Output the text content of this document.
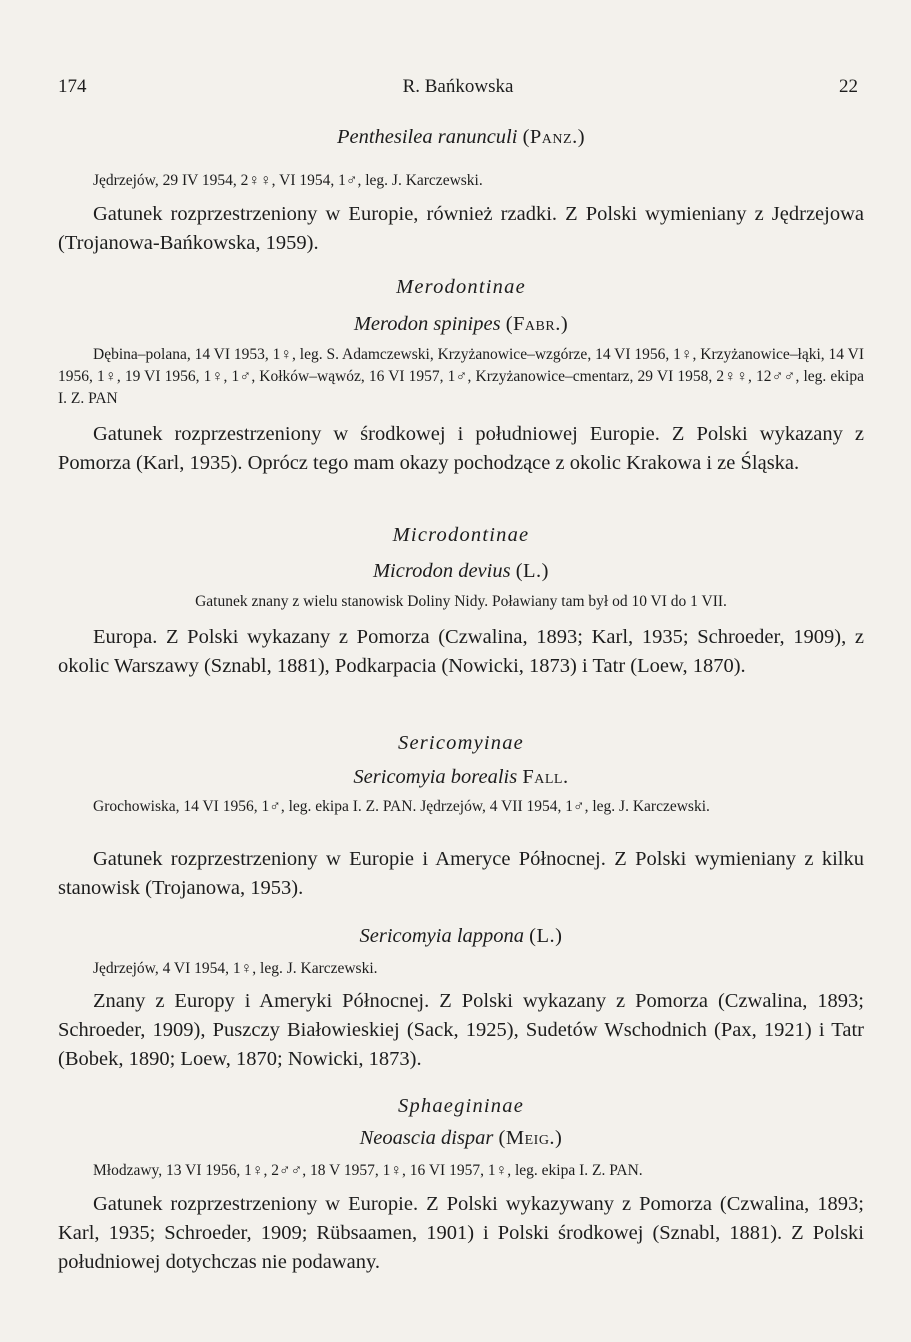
174	R. Bańkowska	22
Penthesilea ranunculi (Panz.)
Jędrzejów, 29 IV 1954, 2♀♀, VI 1954, 1♂, leg. J. Karczewski.
Gatunek rozprzestrzeniony w Europie, również rzadki. Z Polski wymieniany z Jędrzejowa (Trojanowa-Bańkowska, 1959).
Merodontinae
Merodon spinipes (Fabr.)
Dębina–polana, 14 VI 1953, 1♀, leg. S. Adamczewski, Krzyżanowice–wzgórze, 14 VI 1956, 1♀, Krzyżanowice–łąki, 14 VI 1956, 1♀, 19 VI 1956, 1♀, 1♂, Kołków–wąwóz, 16 VI 1957, 1♂, Krzyżanowice–cmentarz, 29 VI 1958, 2♀♀, 12♂♂, leg. ekipa I. Z. PAN
Gatunek rozprzestrzeniony w środkowej i południowej Europie. Z Polski wykazany z Pomorza (Karl, 1935). Oprócz tego mam okazy pochodzące z okolic Krakowa i ze Śląska.
Microdontinae
Microdon devius (L.)
Gatunek znany z wielu stanowisk Doliny Nidy. Poławiany tam był od 10 VI do 1 VII.
Europa. Z Polski wykazany z Pomorza (Czwalina, 1893; Karl, 1935; Schroeder, 1909), z okolic Warszawy (Sznabl, 1881), Podkarpacia (Nowicki, 1873) i Tatr (Loew, 1870).
Sericomyinae
Sericomyia borealis Fall.
Grochowiska, 14 VI 1956, 1♂, leg. ekipa I. Z. PAN. Jędrzejów, 4 VII 1954, 1♂, leg. J. Karczewski.
Gatunek rozprzestrzeniony w Europie i Ameryce Północnej. Z Polski wymieniany z kilku stanowisk (Trojanowa, 1953).
Sericomyia lappona (L.)
Jędrzejów, 4 VI 1954, 1♀, leg. J. Karczewski.
Znany z Europy i Ameryki Północnej. Z Polski wykazany z Pomorza (Czwalina, 1893; Schroeder, 1909), Puszczy Białowieskiej (Sack, 1925), Sudetów Wschodnich (Pax, 1921) i Tatr (Bobek, 1890; Loew, 1870; Nowicki, 1873).
Sphaegininae
Neoascia dispar (Meig.)
Młodzawy, 13 VI 1956, 1♀, 2♂♂, 18 V 1957, 1♀, 16 VI 1957, 1♀, leg. ekipa I. Z. PAN.
Gatunek rozprzestrzeniony w Europie. Z Polski wykazywany z Pomorza (Czwalina, 1893; Karl, 1935; Schroeder, 1909; Rübsaamen, 1901) i Polski środkowej (Sznabl, 1881). Z Polski południowej dotychczas nie podawany.
